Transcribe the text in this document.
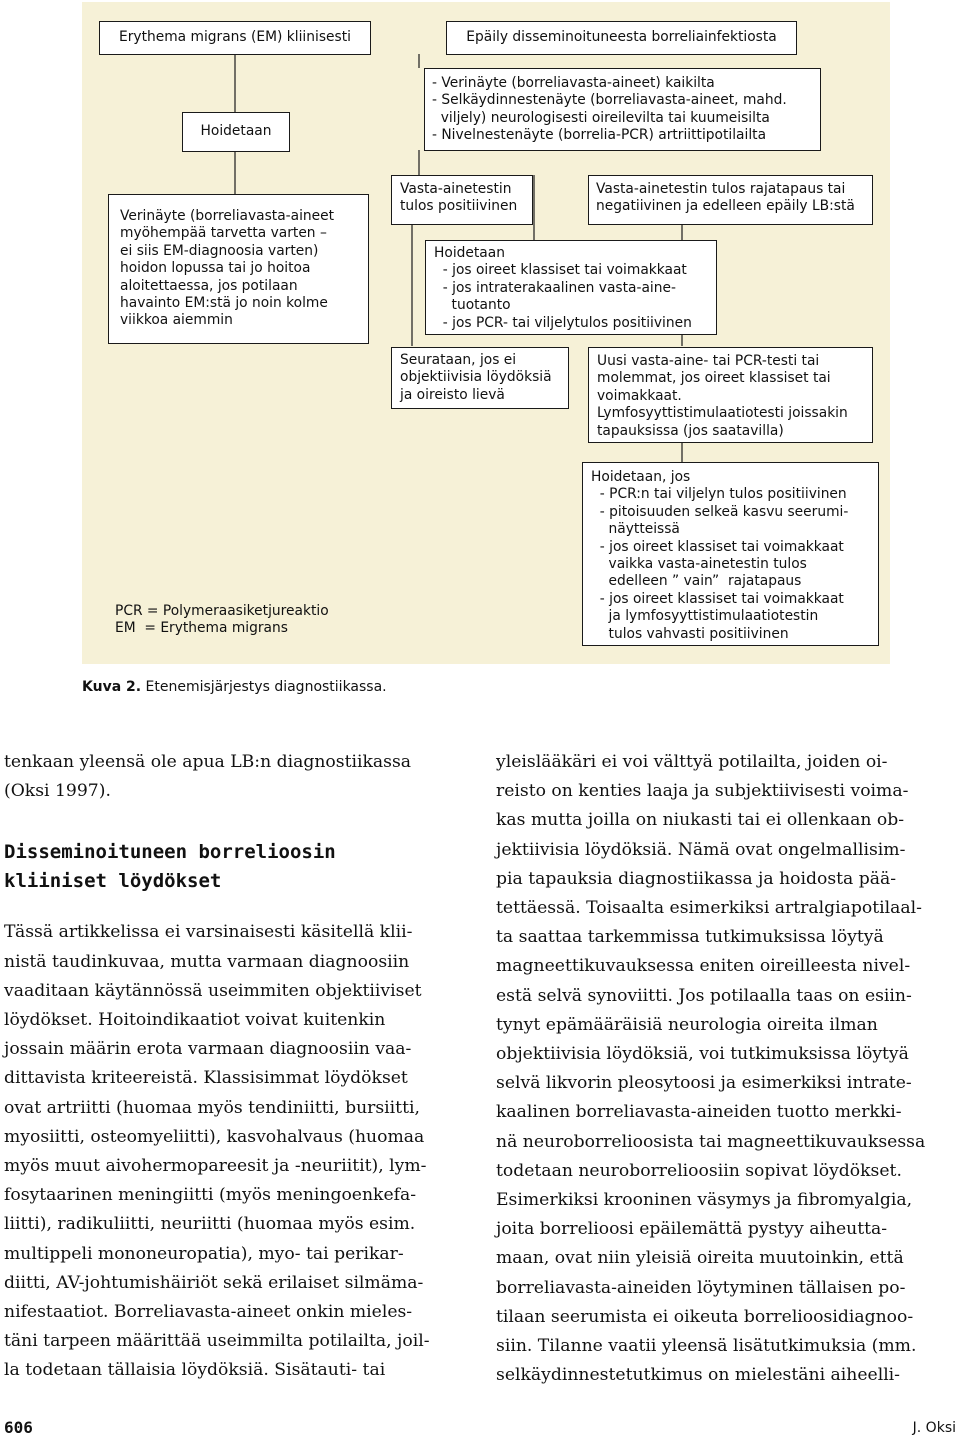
Erythema migrans (EM) kliinisesti	Epäily disseminoituneesta borreliainfektiosta
Hoidetaan
- Verinäyte (borreliavasta-aineet) kaikilta
- Selkäydinnestenäyte (borreliavasta-aineet, mahd.
viljely) neurologisesti oireilevilta tai kuumeisilta
- Nivelnestenäyte (borrelia-PCR) artriittipotilailta
Verinäyte (borreliavasta-aineet
myöhempää tarvetta varten –
ei siis EM-diagnoosia varten)
hoidon lopussa tai jo hoitoa
aloitettaessa, jos potilaan
havainto EM:stä jo noin kolme
viikkoa aiemmin
Vasta-ainetestin
tulos positiivinen
Vasta-ainetestin tulos rajatapaus tai
negatiivinen ja edelleen epäily LB:stä
Hoidetaan
- jos oireet klassiset tai voimakkaat
- jos intraterakaalinen vasta-aine-
tuotanto
- jos PCR- tai viljelytulos positiivinen
Seurataan, jos ei
objektiivisia löydöksiä
ja oireisto lievä
Uusi vasta-aine- tai PCR-testi tai
molemmat, jos oireet klassiset tai
voimakkaat.
Lymfosyyttistimulaatiotesti joissakin
tapauksissa (jos saatavilla)
Hoidetaan, jos
- PCR:n tai viljelyn tulos positiivinen
- pitoisuuden selkeä kasvu seerumi-
näytteissä
- jos oireet klassiset tai voimakkaat
vaikka vasta-ainetestin tulos
edelleen ” vain”  rajatapaus
- jos oireet klassiset tai voimakkaat
ja lymfosyyttistimulaatiotestin
tulos vahvasti positiivinen
PCR = Polymeraasiketjureaktio
EM  = Erythema migrans
Kuva 2. Etenemisjärjestys diagnostiikassa.
tenkaan yleensä ole apua LB:n diagnostiikassa
(Oksi 1997).
Disseminoituneen borrelioosin
kliiniset löydökset
Tässä artikkelissa ei varsinaisesti käsitellä klii-
nistä taudinkuvaa, mutta varmaan diagnoosiin
vaaditaan käytännössä useimmiten objektiiviset
löydökset. Hoitoindikaatiot voivat kuitenkin
jossain määrin erota varmaan diagnoosiin vaa-
dittavista kriteereistä. Klassisimmat löydökset
ovat artriitti (huomaa myös tendiniitti, bursiitti,
myosiitti, osteomyeliitti), kasvohalvaus (huomaa
myös muut aivohermopareesit ja -neuriitit), lym-
fosytaarinen meningiitti (myös meningoenkefa-
liitti), radikuliitti, neuriitti (huomaa myös esim.
multippeli mononeuropatia), myo- tai perikar-
diitti, AV-johtumishäiriöt sekä erilaiset silmäma-
nifestaatiot. Borreliavasta-aineet onkin mieles-
täni tarpeen määrittää useimmilta potilailta, joil-
la todetaan tällaisia löydöksiä. Sisätauti- tai
yleislääkäri ei voi välttyä potilailta, joiden oi-
reisto on kenties laaja ja subjektiivisesti voima-
kas mutta joilla on niukasti tai ei ollenkaan ob-
jektiivisia löydöksiä. Nämä ovat ongelmallisim-
pia tapauksia diagnostiikassa ja hoidosta pää-
tettäessä. Toisaalta esimerkiksi artralgiapotilaal-
ta saattaa tarkemmissa tutkimuksissa löytyä
magneettikuvauksessa eniten oireilleesta nivel-
estä selvä synoviitti. Jos potilaalla taas on esiin-
tynyt epämääräisiä neurologia oireita ilman
objektiivisia löydöksiä, voi tutkimuksissa löytyä
selvä likvorin pleosytoosi ja esimerkiksi intrate-
kaalinen borreliavasta-aineiden tuotto merkki-
nä neuroborrelioosista tai magneettikuvauksessa
todetaan neuroborrelioosiin sopivat löydökset.
Esimerkiksi krooninen väsymys ja fibromyalgia,
joita borrelioosi epäilemättä pystyy aiheutta-
maan, ovat niin yleisiä oireita muutoinkin, että
borreliavasta-aineiden löytyminen tällaisen po-
tilaan seerumista ei oikeuta borrelioosidiagnoo-
siin. Tilanne vaatii yleensä lisätutkimuksia (mm.
selkäydinnestetutkimus on mielestäni aiheelli-
606	J. Oksi
